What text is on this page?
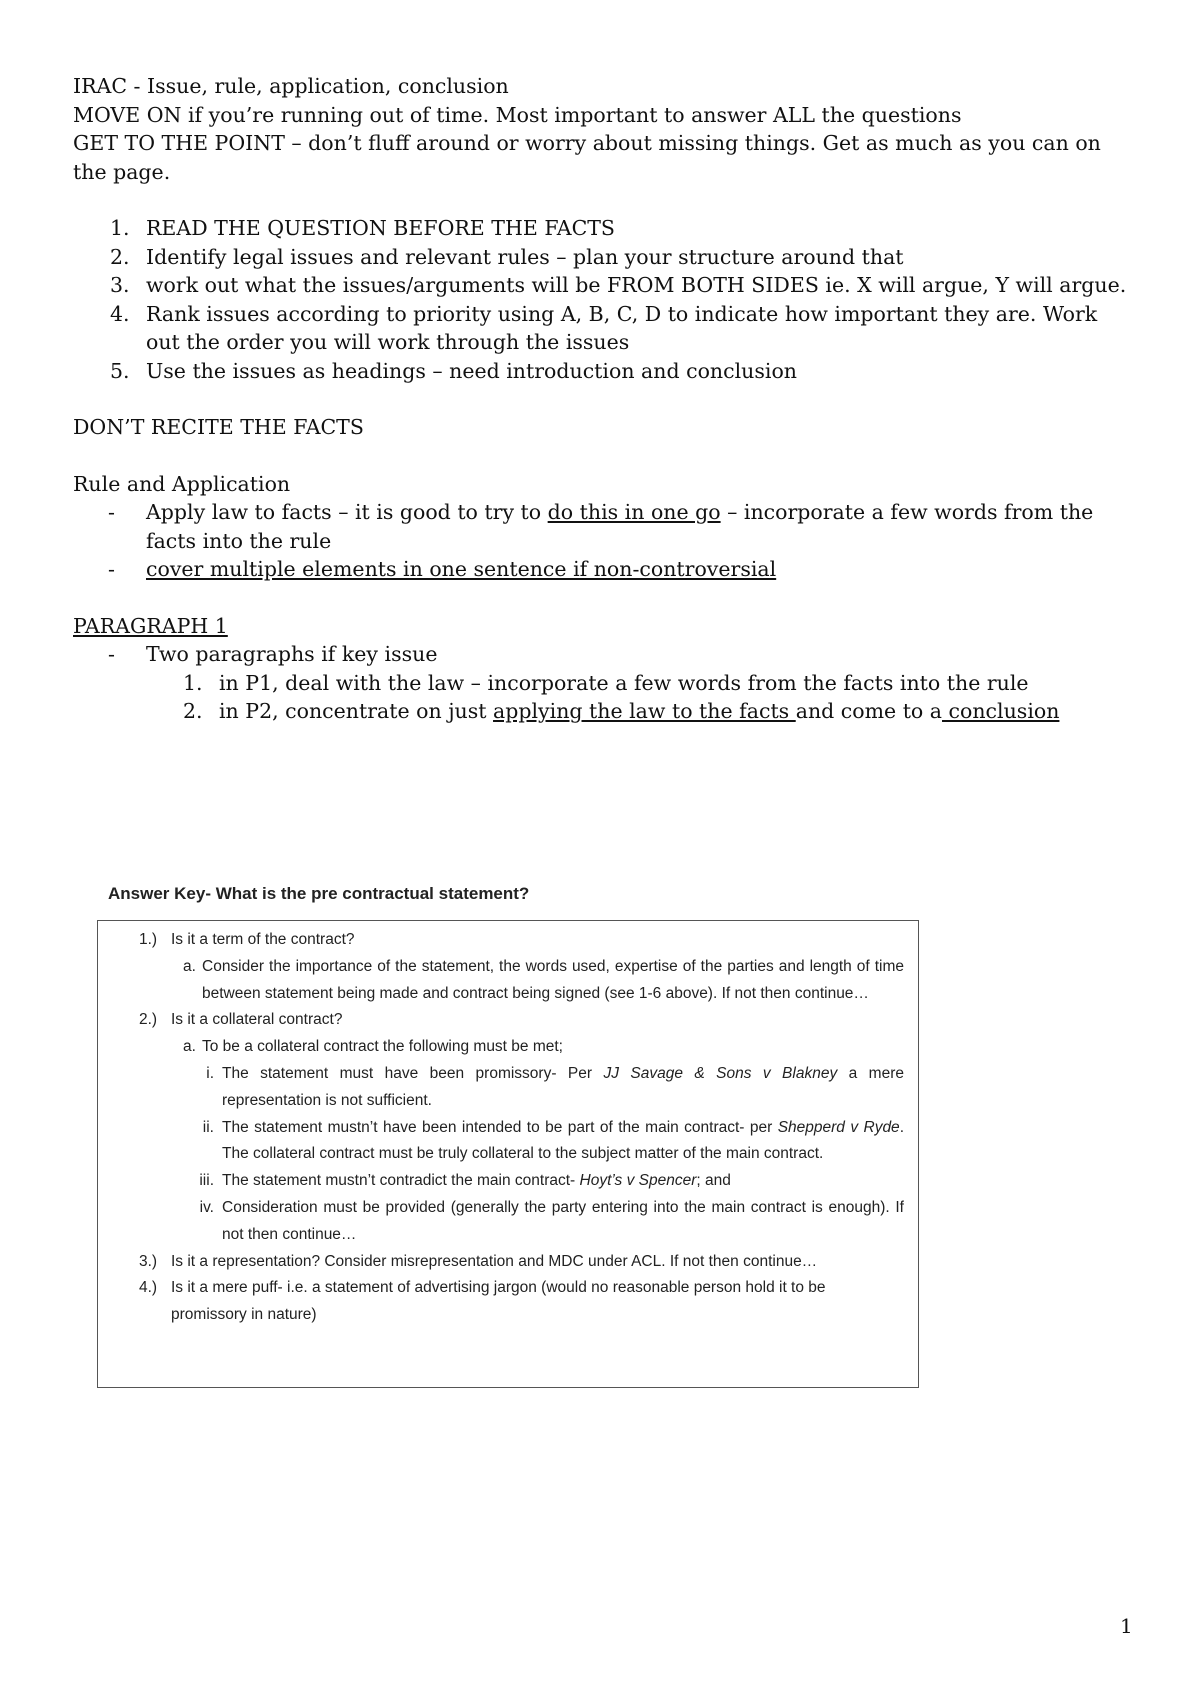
IRAC - Issue, rule, application, conclusion

MOVE ON if you’re running out of time. Most important to answer ALL the questions

GET TO THE POINT – don’t fluff around or worry about missing things. Get as much as you can on the page.

1. READ THE QUESTION BEFORE THE FACTS
2. Identify legal issues and relevant rules – plan your structure around that
3. work out what the issues/arguments will be FROM BOTH SIDES ie. X will argue, Y will argue.
4. Rank issues according to priority using A, B, C, D to indicate how important they are. Work out the order you will work through the issues
5. Use the issues as headings – need introduction and conclusion

DON’T RECITE THE FACTS

Rule and Application

- Apply law to facts – it is good to try to do this in one go – incorporate a few words from the facts into the rule
- cover multiple elements in one sentence if non-controversial

PARAGRAPH 1

- Two paragraphs if key issue
1. in P1, deal with the law – incorporate a few words from the facts into the rule
2. in P2, concentrate on just applying the law to the facts and come to a conclusion
Answer Key- What is the pre contractual statement?
1.) Is it a term of the contract?
a. Consider the importance of the statement, the words used, expertise of the parties and length of time between statement being made and contract being signed (see 1-6 above). If not then continue…
2.) Is it a collateral contract?
a. To be a collateral contract the following must be met;
i. The statement must have been promissory- Per JJ Savage & Sons v Blakney a mere representation is not sufficient.
ii. The statement mustn’t have been intended to be part of the main contract- per Shepperd v Ryde. The collateral contract must be truly collateral to the subject matter of the main contract.
iii. The statement mustn’t contradict the main contract- Hoyt’s v Spencer; and
iv. Consideration must be provided (generally the party entering into the main contract is enough). If not then continue…
3.) Is it a representation? Consider misrepresentation and MDC under ACL. If not then continue…
4.) Is it a mere puff- i.e. a statement of advertising jargon (would no reasonable person hold it to be promissory in nature)
1
